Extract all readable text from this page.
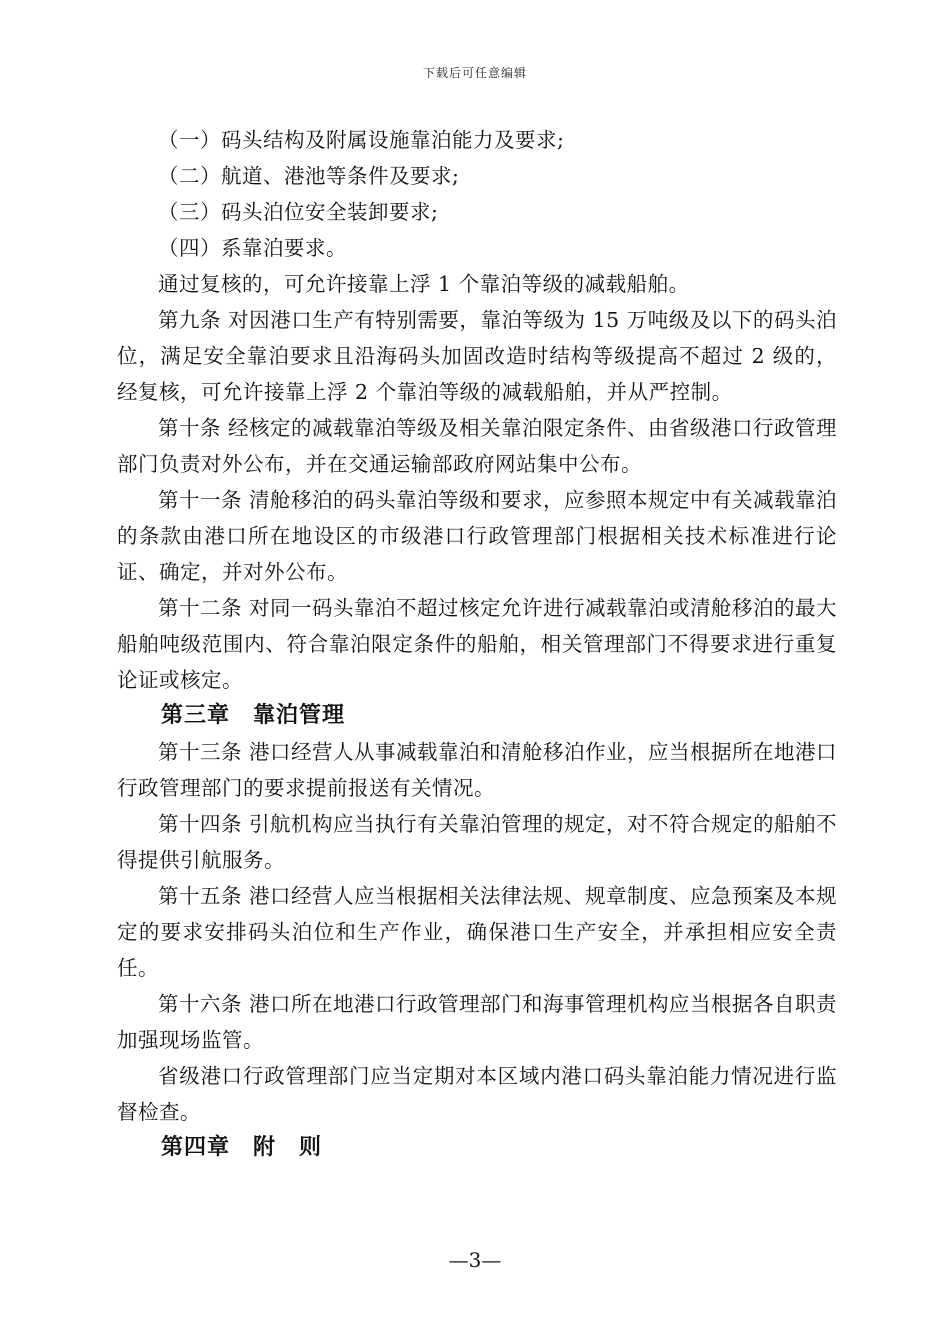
下载后可任意编辑

（一）码头结构及附属设施靠泊能力及要求;

（二）航道、港池等条件及要求;

（三）码头泊位安全装卸要求;

（四）系靠泊要求。

通过复核的，可允许接靠上浮 1 个靠泊等级的减载船舶。

第九条 对因港口生产有特别需要，靠泊等级为 15 万吨级及以下的码头泊位，满足安全靠泊要求且沿海码头加固改造时结构等级提高不超过 2 级的，经复核，可允许接靠上浮 2 个靠泊等级的减载船舶，并从严控制。

第十条 经核定的减载靠泊等级及相关靠泊限定条件、由省级港口行政管理部门负责对外公布，并在交通运输部政府网站集中公布。

第十一条 清舱移泊的码头靠泊等级和要求，应参照本规定中有关减载靠泊的条款由港口所在地设区的市级港口行政管理部门根据相关技术标准进行论证、确定，并对外公布。

第十二条 对同一码头靠泊不超过核定允许进行减载靠泊或清舱移泊的最大船舶吨级范围内、符合靠泊限定条件的船舶，相关管理部门不得要求进行重复论证或核定。

第三章　靠泊管理

第十三条 港口经营人从事减载靠泊和清舱移泊作业，应当根据所在地港口行政管理部门的要求提前报送有关情况。

第十四条 引航机构应当执行有关靠泊管理的规定，对不符合规定的船舶不得提供引航服务。

第十五条 港口经营人应当根据相关法律法规、规章制度、应急预案及本规定的要求安排码头泊位和生产作业，确保港口生产安全，并承担相应安全责任。

第十六条 港口所在地港口行政管理部门和海事管理机构应当根据各自职责加强现场监管。

省级港口行政管理部门应当定期对本区域内港口码头靠泊能力情况进行监督检查。

第四章　附　则

—3—
